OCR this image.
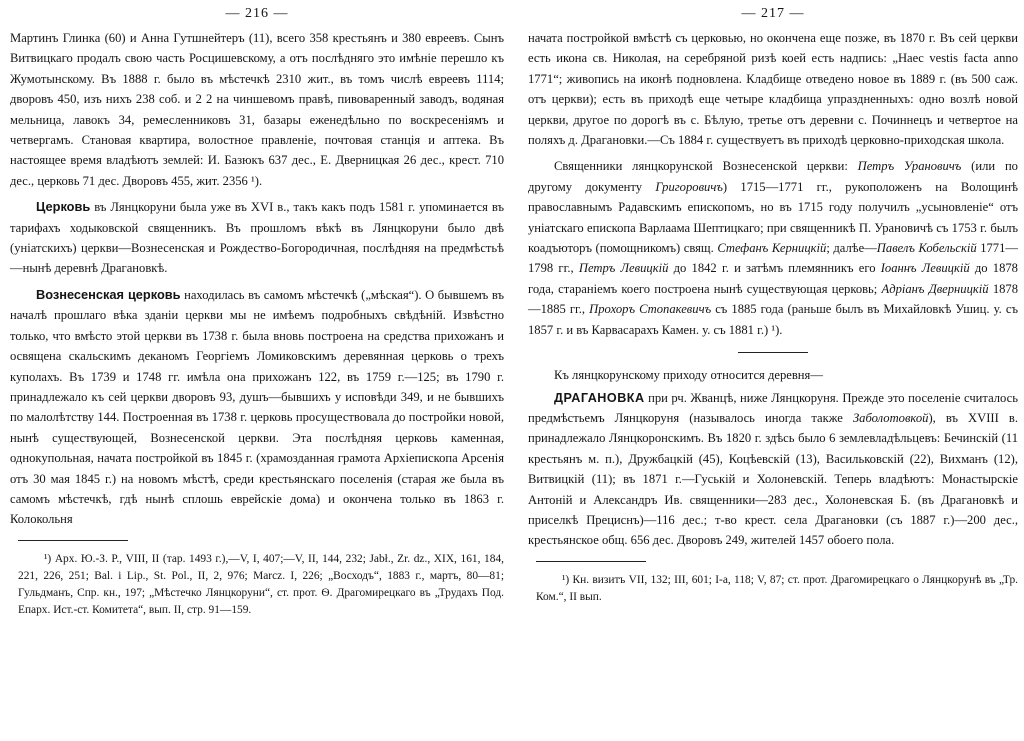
— 216 —

Мартинъ Глинка (60) и Анна Гутшнейтеръ (11), всего 358 крестьянъ и 380 евреевъ. Сынъ Витвицкаго продалъ свою часть Росцишевскому, а отъ послѣдняго это имѣніе перешло къ Жумотынскому. Въ 1888 г. было въ мѣстечкѣ 2310 жит., въ томъ числѣ евреевъ 1114; дворовъ 450, изъ нихъ 238 соб. и 2 2 на чиншевомъ правѣ, пивоваренный заводъ, водяная мельница, лавокъ 34, ремесленниковъ 31, базары еженедѣльно по воскресеніямъ и четвергамъ. Становая квартира, волостное правленіе, почтовая станція и аптека. Въ настоящее время владѣютъ землей: И. Базюкъ 637 дес., Е. Дверницкая 26 дес., крест. 710 дес., церковь 71 дес. Дворовъ 455, жит. 2356 ¹).

Церковь въ Лянцкоруни была уже въ XVI в., такъ какъ подъ 1581 г. упоминается въ тарифахъ ходыковской священникъ. Въ прошломъ вѣкѣ въ Лянцкоруни было двѣ (уніатскихъ) церкви—Вознесенская и Рождество-Богородичная, послѣдняя на предмѣстьѣ—нынѣ деревнѣ Драгановкѣ.

Вознесенская церковь находилась въ самомъ мѣстечкѣ („мѣская“). О бывшемъ въ началѣ прошлаго вѣка зданіи церкви мы не имѣемъ подробныхъ свѣдѣній. Извѣстно только, что вмѣсто этой церкви въ 1738 г. была вновь построена на средства прихожанъ и освящена скальскимъ деканомъ Георгіемъ Ломиковскимъ деревянная церковь о трехъ куполахъ. Въ 1739 и 1748 гг. имѣла она прихожанъ 122, въ 1759 г.—125; въ 1790 г. принадлежало къ сей церкви дворовъ 93, душъ—бывшихъ у исповѣди 349, и не бывшихъ по малолѣтству 144. Построенная въ 1738 г. церковь просуществовала до постройки новой, нынѣ существующей, Вознесенской церкви. Эта послѣдняя церковь каменная, однокупольная, начата постройкой въ 1845 г. (храмозданная грамота Архіепископа Арсенія отъ 30 мая 1845 г.) на новомъ мѣстѣ, среди крестьянскаго поселенія (старая же была въ самомъ мѣстечкѣ, гдѣ нынѣ сплошь еврейскіе дома) и окончена только въ 1863 г. Колокольня

¹) Арх. Ю.-З. Р., VIII, II (тар. 1493 г.),—V, I, 407;—V, II, 144, 232; Jabł., Zr. dz., XIX, 161, 184, 221, 226, 251; Bal. i Lip., St. Pol., II, 2, 976; Marcz. I, 226; „Восходъ“, 1883 г., мартъ, 80—81; Гульдманъ, Спр. кн., 197; „Мѣстечко Лянцкоруни“, ст. прот. Ѳ. Драгомирецкаго въ „Трудахъ Под. Епарх. Ист.-ст. Комитета“, вып. II, стр. 91—159.

— 217 —

начата постройкой вмѣстѣ съ церковью, но окончена еще позже, въ 1870 г. Въ сей церкви есть икона св. Николая, на серебряной ризѣ коей есть надпись: „Haec vestis facta anno 1771“; живопись на иконѣ подновлена. Кладбище отведено новое въ 1889 г. (въ 500 саж. отъ церкви); есть въ приходѣ еще четыре кладбища упраздненныхъ: одно возлѣ новой церкви, другое по дорогѣ въ с. Бѣлую, третье отъ деревни с. Починнецъ и четвертое на поляхъ д. Драгановки.—Съ 1884 г. существуетъ въ приходѣ церковно-приходская школа.

Священники лянцкорунской Вознесенской церкви: Петръ Урановичъ (или по другому документу Григоровичъ) 1715—1771 гг., рукоположенъ на Волощинѣ православнымъ Радавскимъ епископомъ, но въ 1715 году получилъ „усыновленіе“ отъ уніатскаго епископа Варлаама Шептицкаго; при священникѣ П. Урановичѣ съ 1753 г. былъ коадъюторъ (помощникомъ) свящ. Стефанъ Керницкій; далѣе—Павелъ Кобельскій 1771—1798 гг., Петръ Левицкій до 1842 г. и затѣмъ племянникъ его Іоаннъ Левицкій до 1878 года, стараніемъ коего построена нынѣ существующая церковь; Адріанъ Дверницкій 1878—1885 гг., Прохоръ Стопакевичъ съ 1885 года (раньше былъ въ Михайловкѣ Ушиц. у. съ 1857 г. и въ Карвасарахъ Камен. у. съ 1881 г.) ¹).

Къ лянцкорунскому приходу относится деревня—

ДРАГАНОВКА при рч. Жванцѣ, ниже Лянцкоруня. Прежде это поселеніе считалось предмѣстьемъ Лянцкоруня (называлось иногда также Заболотовкой), въ XVIII в. принадлежало Лянцкоронскимъ. Въ 1820 г. здѣсь было 6 землевладѣльцевъ: Бечинскій (11 крестьянъ м. п.), Дружбацкій (45), Коцѣевскій (13), Васильковскій (22), Вихманъ (12), Витвицкій (11); въ 1871 г.—Гуській и Холоневскій. Теперь владѣютъ: Монастырскіе Антоній и Александръ Ив. священники—283 дес., Холоневская Б. (въ Драгановкѣ и приселкѣ Прециснъ)—116 дес.; т-во крест. села Драгановки (съ 1887 г.)—200 дес., крестьянское общ. 656 дес. Дворовъ 249, жителей 1457 обоего пола.

¹) Кн. визитъ VII, 132; III, 601; I-a, 118; V, 87; ст. прот. Драгомирецкаго о Лянцкорунѣ въ „Тр. Ком.“, II вып.
